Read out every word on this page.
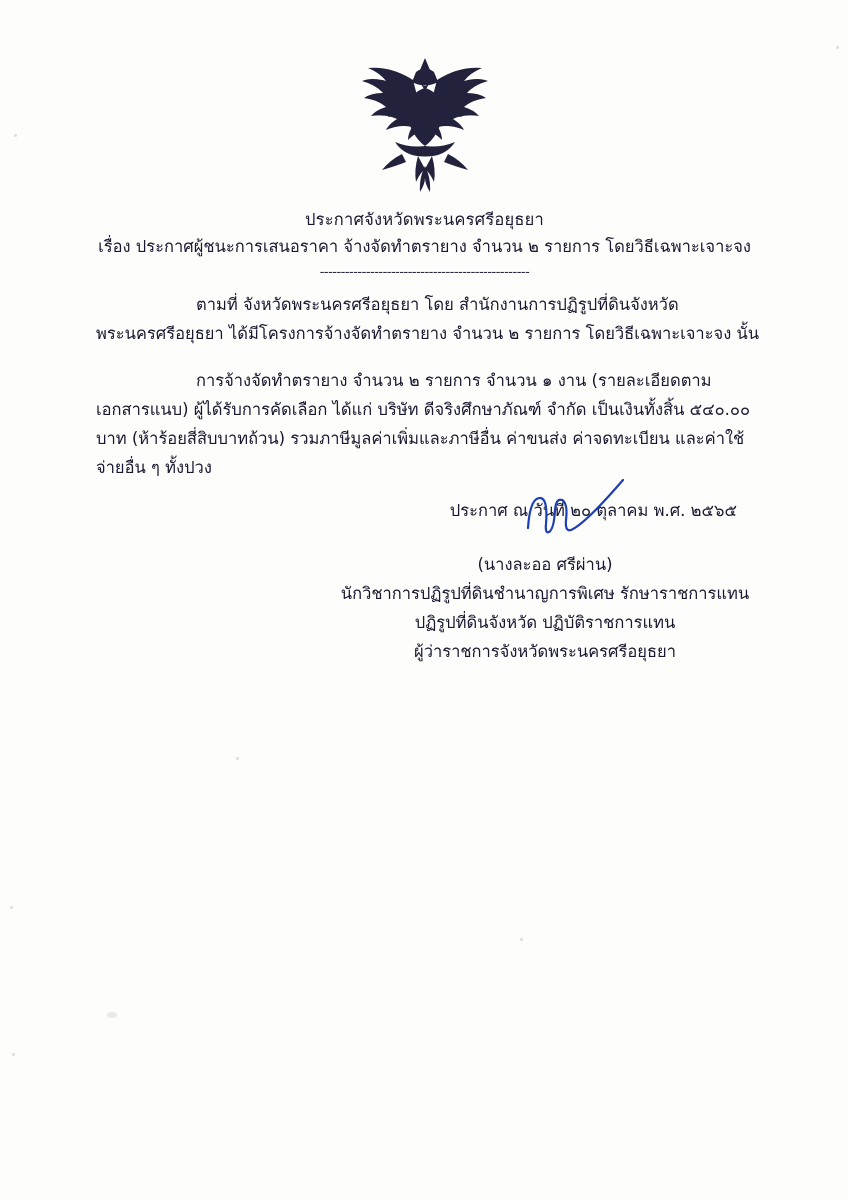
ประกาศจังหวัดพระนครศรีอยุธยา
เรื่อง ประกาศผู้ชนะการเสนอราคา จ้างจัดทำตรายาง จำนวน ๒ รายการ โดยวิธีเฉพาะเจาะจง
--------------------------------------------------
ตามที่ จังหวัดพระนครศรีอยุธยา โดย สำนักงานการปฏิรูปที่ดินจังหวัดพระนครศรีอยุธยา ได้มีโครงการจ้างจัดทำตรายาง จำนวน ๒ รายการ โดยวิธีเฉพาะเจาะจง นั้น
การจ้างจัดทำตรายาง จำนวน ๒ รายการ จำนวน ๑ งาน (รายละเอียดตามเอกสารแนบ) ผู้ได้รับการคัดเลือก ได้แก่ บริษัท ดีจริงศึกษาภัณฑ์ จำกัด เป็นเงินทั้งสิ้น ๕๔๐.๐๐ บาท (ห้าร้อยสี่สิบบาทถ้วน) รวมภาษีมูลค่าเพิ่มและภาษีอื่น ค่าขนส่ง ค่าจดทะเบียน และค่าใช้จ่ายอื่น ๆ ทั้งปวง
ประกาศ ณ วันที่ ๒๐ ตุลาคม พ.ศ. ๒๕๖๕
(นางละออ ศรีผ่าน)
นักวิชาการปฏิรูปที่ดินชำนาญการพิเศษ รักษาราชการแทน
ปฏิรูปที่ดินจังหวัด ปฏิบัติราชการแทน
ผู้ว่าราชการจังหวัดพระนครศรีอยุธยา
